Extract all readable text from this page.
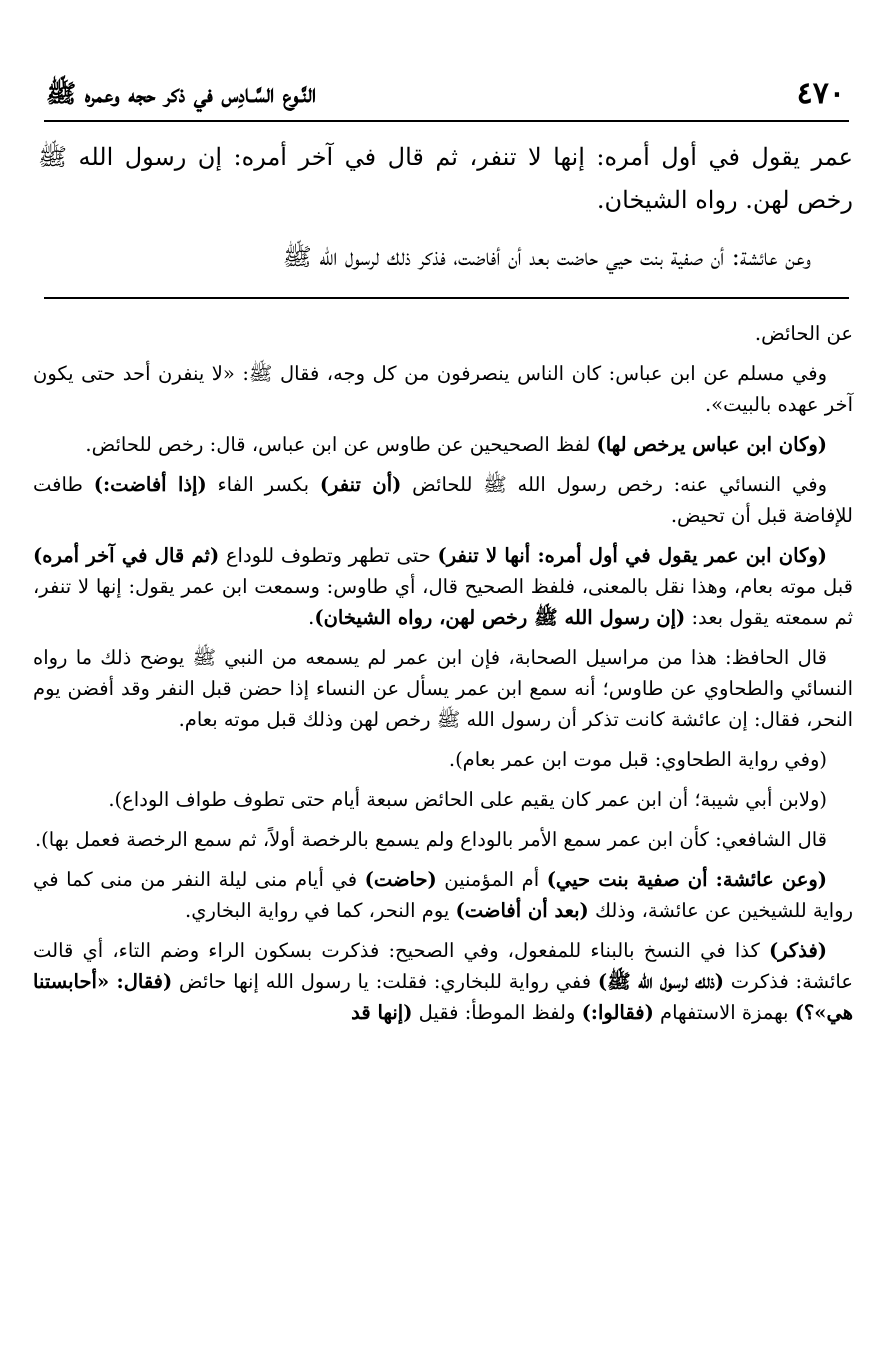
٤٧٠
النَّـوع السَّـادِس في ذكر حجه وعمره ﷺ

عمر يقول في أول أمره: إنها لا تنفر، ثم قال في آخر أمره: إن رسول الله ﷺ رخص لهن. رواه الشيخان.

وعن عائشة: أن صفية بنت حيي حاضت بعد أن أفاضت، فذكر ذلك لرسول الله ﷺ

عن الحائض.

وفي مسلم عن ابن عباس: كان الناس ينصرفون من كل وجه، فقال ﷺ: «لا ينفرن أحد حتى يكون آخر عهده بالبيت».

(وكان ابن عباس يرخص لها) لفظ الصحيحين عن طاوس عن ابن عباس، قال: رخص للحائض.

وفي النسائي عنه: رخص رسول الله ﷺ للحائض (أن تنفر) بكسر الفاء (إذا أفاضت:) طافت للإفاضة قبل أن تحيض.

(وكان ابن عمر يقول في أول أمره: أنها لا تنفر) حتى تطهر وتطوف للوداع (ثم قال في آخر أمره) قبل موته بعام، وهذا نقل بالمعنى، فلفظ الصحيح قال، أي طاوس: وسمعت ابن عمر يقول: إنها لا تنفر، ثم سمعته يقول بعد: (إن رسول الله ﷺ رخص لهن، رواه الشيخان).

قال الحافظ: هذا من مراسيل الصحابة، فإن ابن عمر لم يسمعه من النبي ﷺ يوضح ذلك ما رواه النسائي والطحاوي عن طاوس؛ أنه سمع ابن عمر يسأل عن النساء إذا حضن قبل النفر وقد أفضن يوم النحر، فقال: إن عائشة كانت تذكر أن رسول الله ﷺ رخص لهن وذلك قبل موته بعام.

(وفي رواية الطحاوي: قبل موت ابن عمر بعام).

(ولابن أبي شيبة؛ أن ابن عمر كان يقيم على الحائض سبعة أيام حتى تطوف طواف الوداع).

قال الشافعي: كأن ابن عمر سمع الأمر بالوداع ولم يسمع بالرخصة أولاً، ثم سمع الرخصة فعمل بها).

(وعن عائشة: أن صفية بنت حيي) أم المؤمنين (حاضت) في أيام منى ليلة النفر من منى كما في رواية للشيخين عن عائشة، وذلك (بعد أن أفاضت) يوم النحر، كما في رواية البخاري.

(فذكر) كذا في النسخ بالبناء للمفعول، وفي الصحيح: فذكرت بسكون الراء وضم التاء، أي قالت عائشة: فذكرت (ذلك لرسول الله ﷺ) ففي رواية للبخاري: فقلت: يا رسول الله إنها حائض (فقال: «أحابستنا هي»؟) بهمزة الاستفهام (فقالوا:) ولفظ الموطأ: فقيل (إنها قد
